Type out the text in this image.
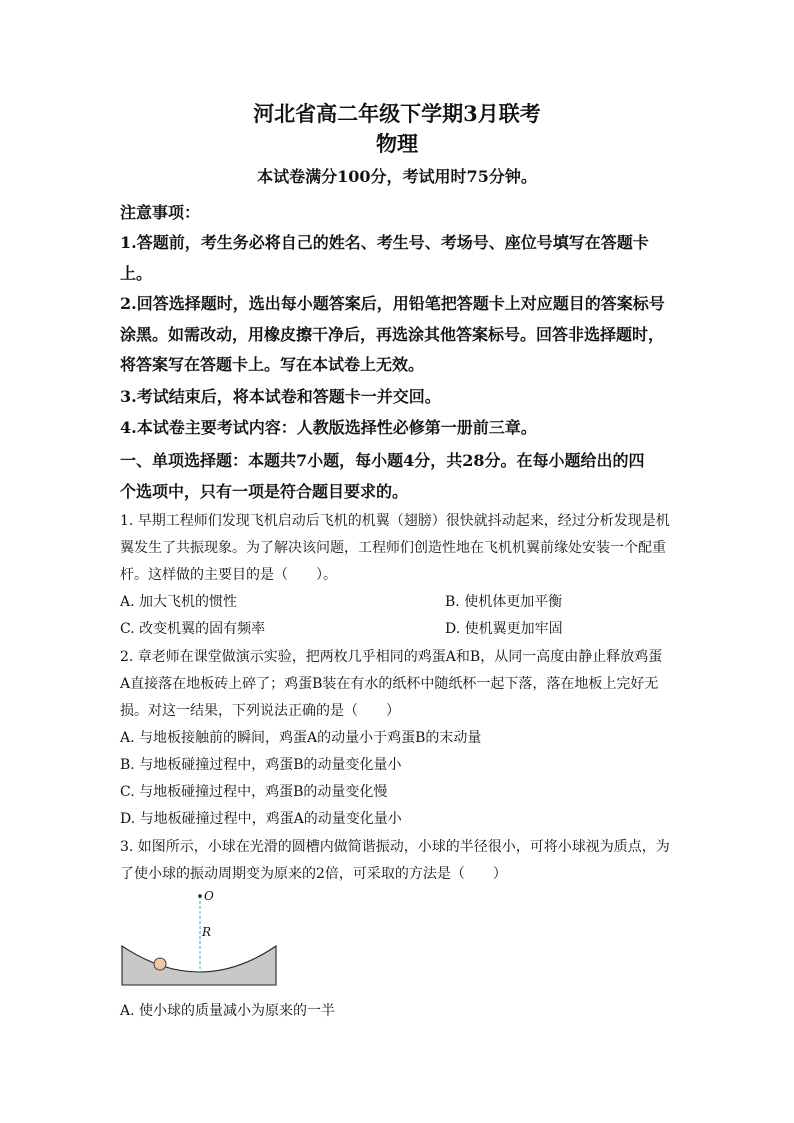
河北省高二年级下学期3月联考
物理
本试卷满分100分，考试用时75分钟。
注意事项：
1.答题前，考生务必将自己的姓名、考生号、考场号、座位号填写在答题卡
上。
2.回答选择题时，选出每小题答案后，用铅笔把答题卡上对应题目的答案标号
涂黑。如需改动，用橡皮擦干净后，再选涂其他答案标号。回答非选择题时，
将答案写在答题卡上。写在本试卷上无效。
3.考试结束后，将本试卷和答题卡一并交回。
4.本试卷主要考试内容：人教版选择性必修第一册前三章。
一、单项选择题：本题共7小题，每小题4分，共28分。在每小题给出的四
个选项中，只有一项是符合题目要求的。
1. 早期工程师们发现飞机启动后飞机的机翼（翅膀）很快就抖动起来，经过分析发现是机
翼发生了共振现象。为了解决该问题，工程师们创造性地在飞机机翼前缘处安装一个配重
杆。这样做的主要目的是（　　）。
A. 加大飞机的惯性	B. 使机体更加平衡
C. 改变机翼的固有频率	D. 使机翼更加牢固
2. 章老师在课堂做演示实验，把两枚几乎相同的鸡蛋A和B，从同一高度由静止释放鸡蛋
A直接落在地板砖上碎了；鸡蛋B装在有水的纸杯中随纸杯一起下落，落在地板上完好无
损。对这一结果，下列说法正确的是（　　）
A. 与地板接触前的瞬间，鸡蛋A的动量小于鸡蛋B的末动量
B. 与地板碰撞过程中，鸡蛋B的动量变化量小
C. 与地板碰撞过程中，鸡蛋B的动量变化慢
D. 与地板碰撞过程中，鸡蛋A的动量变化量小
3. 如图所示，小球在光滑的圆槽内做简谐振动，小球的半径很小，可将小球视为质点，为
了使小球的振动周期变为原来的2倍，可采取的方法是（　　）
O
R
A. 使小球的质量减小为原来的一半
